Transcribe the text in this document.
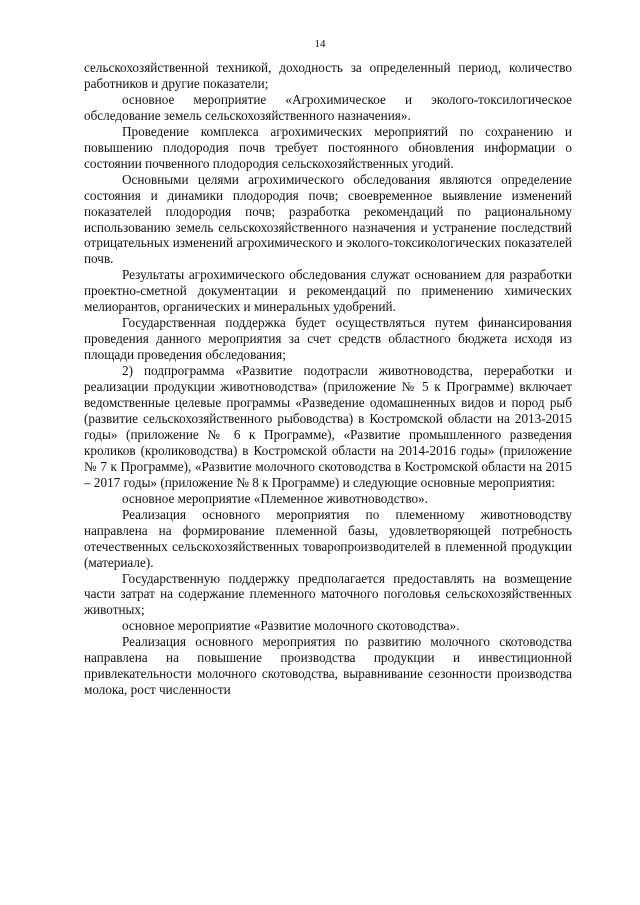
14

сельскохозяйственной техникой, доходность за определенный период, количество работников и другие показатели;

основное мероприятие «Агрохимическое и эколого-токсилогическое обследование земель сельскохозяйственного назначения».

Проведение комплекса агрохимических мероприятий по сохранению и повышению плодородия почв требует постоянного обновления информации о состоянии почвенного плодородия сельскохозяйственных угодий.

Основными целями агрохимического обследования являются определение состояния и динамики плодородия почв; своевременное выявление изменений показателей плодородия почв; разработка рекомендаций по рациональному использованию земель сельскохозяйственного назначения и устранение последствий отрицательных изменений агрохимического и эколого-токсикологических показателей почв.

Результаты агрохимического обследования служат основанием для разработки проектно-сметной документации и рекомендаций по применению химических мелиорантов, органических и минеральных удобрений.

Государственная поддержка будет осуществляться путем финансирования проведения данного мероприятия за счет средств областного бюджета исходя из площади проведения обследования;

2) подпрограмма «Развитие подотрасли животноводства, переработки и реализации продукции животноводства» (приложение № 5 к Программе) включает ведомственные целевые программы «Разведение одомашненных видов и пород рыб (развитие сельскохозяйственного рыбоводства) в Костромской области на 2013-2015 годы» (приложение № 6 к Программе), «Развитие промышленного разведения кроликов (кролиководства) в Костромской области на 2014-2016 годы» (приложение № 7 к Программе), «Развитие молочного скотоводства в Костромской области на 2015 – 2017 годы» (приложение № 8 к Программе) и следующие основные мероприятия:

основное мероприятие «Племенное животноводство».

Реализация основного мероприятия по племенному животноводству направлена на формирование племенной базы, удовлетворяющей потребность отечественных сельскохозяйственных товаропроизводителей в племенной продукции (материале).

Государственную поддержку предполагается предоставлять на возмещение части затрат на содержание племенного маточного поголовья сельскохозяйственных животных;

основное мероприятие «Развитие молочного скотоводства».

Реализация основного мероприятия по развитию молочного скотоводства направлена на повышение производства продукции и инвестиционной привлекательности молочного скотоводства, выравнивание сезонности производства молока, рост численности
